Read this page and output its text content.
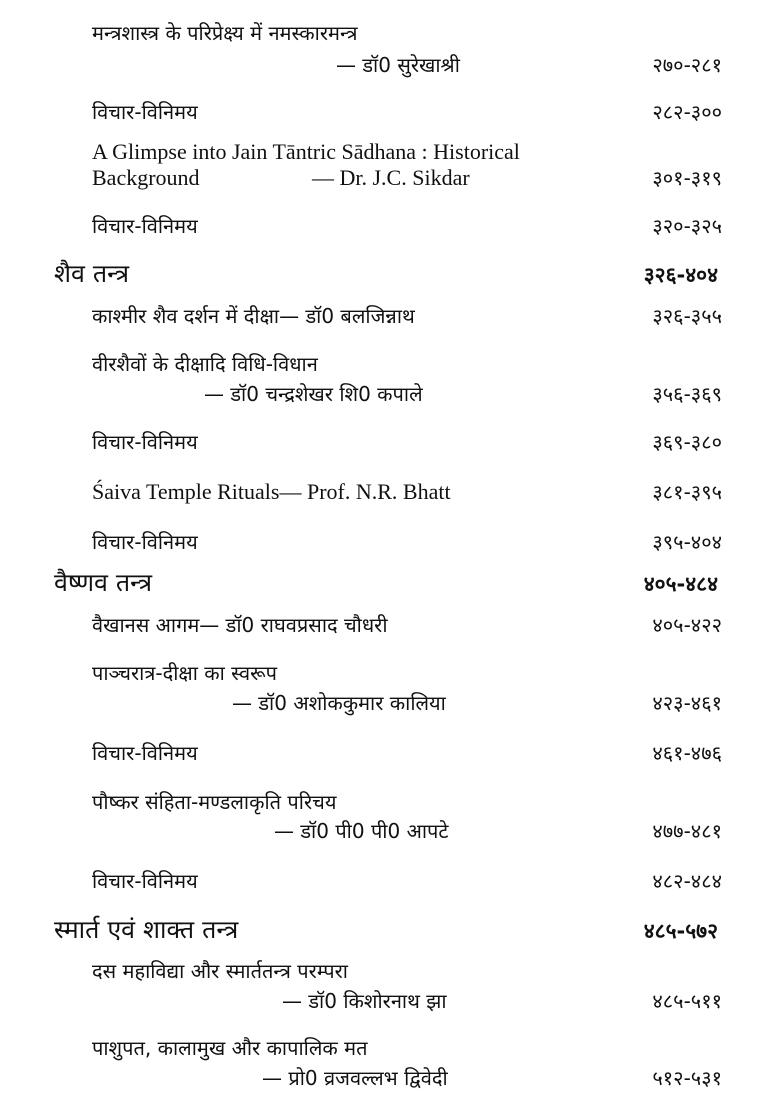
मन्त्रशास्त्र के परिप्रेक्ष्य में नमस्कारमन्त्र
— डॉ0 सुरेखाश्री	२७०-२८१
विचार-विनिमय	२८२-३००
A Glimpse into Jain Tāntric Sādhana : Historical
Background	— Dr. J.C. Sikdar	३०१-३१९
विचार-विनिमय	३२०-३२५
शैव तन्त्र	३२६-४०४
काश्मीर शैव दर्शन में दीक्षा— डॉ0 बलजिन्नाथ	३२६-३५५
वीरशैवों के दीक्षादि विधि-विधान
— डॉ0 चन्द्रशेखर शि0 कपाले	३५६-३६९
विचार-विनिमय	३६९-३८०
Śaiva Temple Rituals— Prof. N.R. Bhatt	३८१-३९५
विचार-विनिमय	३९५-४०४
वैष्णव तन्त्र	४०५-४८४
वैखानस आगम— डॉ0 राघवप्रसाद चौधरी	४०५-४२२
पाञ्चरात्र-दीक्षा का स्वरूप
— डॉ0 अशोककुमार कालिया	४२३-४६१
विचार-विनिमय	४६१-४७६
पौष्कर संहिता-मण्डलाकृति परिचय
— डॉ0 पी0 पी0 आपटे	४७७-४८१
विचार-विनिमय	४८२-४८४
स्मार्त एवं शाक्त तन्त्र	४८५-५७२
दस महाविद्या और स्मार्ततन्त्र परम्परा
— डॉ0 किशोरनाथ झा	४८५-५११
पाशुपत, कालामुख और कापालिक मत
— प्रो0 व्रजवल्लभ द्विवेदी	५१२-५३१
